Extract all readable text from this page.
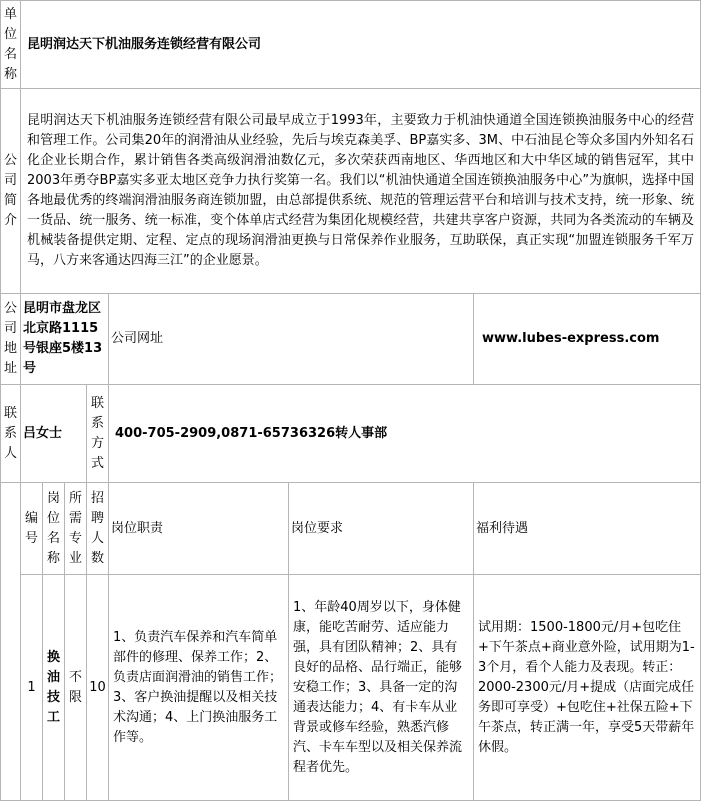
单位名称	昆明润达天下机油服务连锁经营有限公司						

公司简介	昆明润达天下机油服务连锁经营有限公司最早成立于1993年，主要致力于机油快通道全国连锁换油服务中心的经营和管理工作。公司集20年的润滑油从业经验，先后与埃克森美孚、BP嘉实多、3M、中石油昆仑等众多国内外知名石化企业长期合作，累计销售各类高级润滑油数亿元，多次荣获西南地区、华西地区和大中华区域的销售冠军，其中2003年勇夺BP嘉实多亚太地区竞争力执行奖第一名。我们以“机油快通道全国连锁换油服务中心”为旗帜，选择中国各地最优秀的终端润滑油服务商连锁加盟，由总部提供系统、规范的管理运营平台和培训与技术支持，统一形象、统一货品、统一服务、统一标准，变个体单店式经营为集团化规模经营，共建共享客户资源，共同为各类流动的车辆及机械装备提供定期、定程、定点的现场润滑油更换与日常保养作业服务，互助联保，真正实现“加盟连锁服务千军万马，八方来客通达四海三江”的企业愿景。						

公司地址	昆明市盘龙区北京路1115号银座5楼13号				公司网址		www.lubes-express.com

联系人	吕女士			联系方式	400-705-2909,0871-65736326转人事部		
	编号	岗位名称	所需专业	招聘人数	岗位职责	岗位要求	福利待遇
	1	换油技工	不限	10	1、负责汽车保养和汽车简单部件的修理、保养工作；2、负责店面润滑油的销售工作；3、客户换油提醒以及相关技术沟通；4、上门换油服务工作等。	1、年龄40周岁以下，身体健康，能吃苦耐劳、适应能力强，具有团队精神；2、具有良好的品格、品行端正，能够安稳工作；3、具备一定的沟通表达能力；4、有卡车从业背景或修车经验，熟悉汽修汽、卡车车型以及相关保养流程者优先。	试用期：1500-1800元/月+包吃住+下午茶点+商业意外险，试用期为1-3个月，看个人能力及表现。转正：2000-2300元/月+提成（店面完成任务即可享受）+包吃住+社保五险+下午茶点，转正满一年，享受5天带薪年休假。
